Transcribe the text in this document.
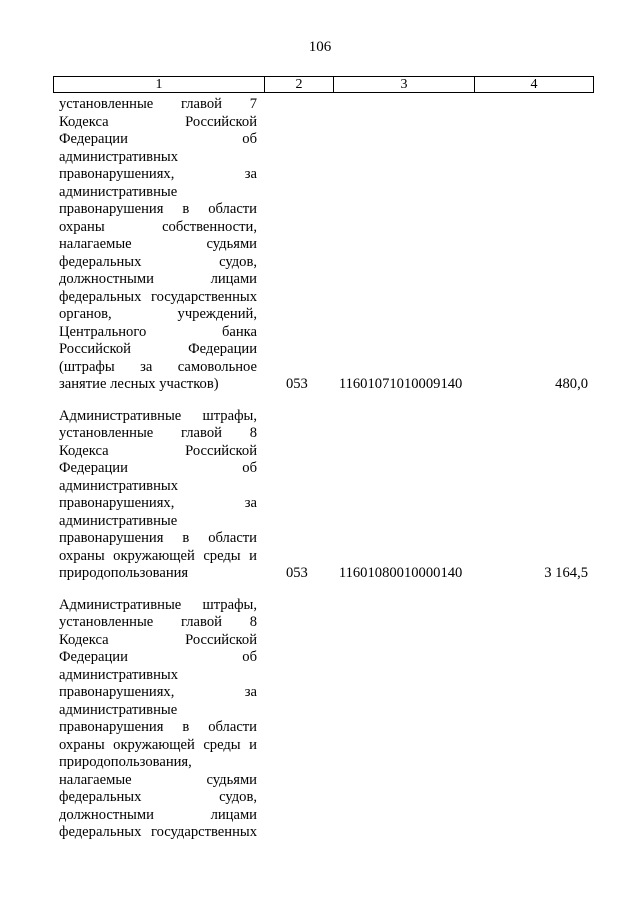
106
1	2	3	4
установленные главой 7
Кодекса	Российской
Федерации	об
административных
правонарушениях,	за
административные
правонарушения в области
охраны	собственности,
налагаемые	судьями
федеральных	судов,
должностными	лицами
федеральных государственных
органов,	учреждений,
Центрального	банка
Российской	Федерации
(штрафы за самовольное
занятие лесных участков)	053	11601071010009140	480,0
Административные штрафы,
установленные главой 8
Кодекса	Российской
Федерации	об
административных
правонарушениях,	за
административные
правонарушения в области
охраны окружающей среды и
природопользования	053	11601080010000140	3 164,5
Административные штрафы,
установленные главой 8
Кодекса	Российской
Федерации	об
административных
правонарушениях,	за
административные
правонарушения в области
охраны окружающей среды и
природопользования,
налагаемые	судьями
федеральных	судов,
должностными	лицами
федеральных государственных
